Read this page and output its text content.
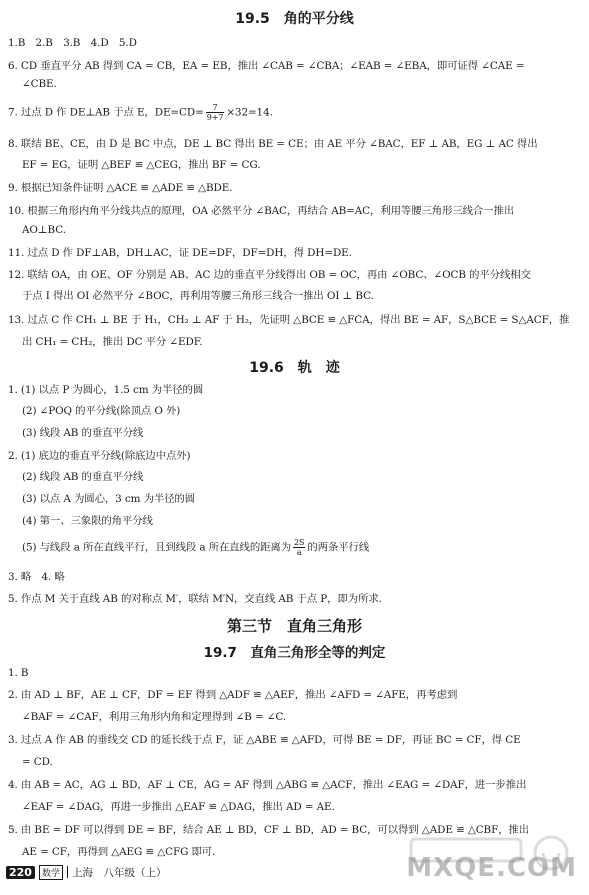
19.5　角的平分线
1.B　2.B　3.B　4.D　5.D
6. CD 垂直平分 AB 得到 CA = CB，EA = EB，推出 ∠CAB = ∠CBA；∠EAB = ∠EBA，即可证得 ∠CAE =
∠CBE.
7. 过点 D 作 DE⊥AB 于点 E，$DE=CD= \frac{7}{9+7} \times 32=14$.
8. 联结 BE、CE，由 D 是 BC 中点，DE ⊥ BC 得出 BE = CE；由 AE 平分 ∠BAC，EF ⊥ AB，EG ⊥ AC 得出
EF = EG，证明 △BEF ≌ △CEG，推出 BF = CG.
9. 根据已知条件证明 △ACE ≌ △ADE ≌ △BDE.
10. 根据三角形内角平分线共点的原理，OA 必然平分 ∠BAC，再结合 AB=AC，利用等腰三角形三线合一推出
AO⊥BC.
11. 过点 D 作 DF⊥AB，DH⊥AC，证 DE=DF，DF=DH，得 DH=DE.
12. 联结 OA，由 OE、OF 分别是 AB、AC 边的垂直平分线得出 OB = OC，再由 ∠OBC、∠OCB 的平分线相交
于点 I 得出 OI 必然平分 ∠BOC，再利用等腰三角形三线合一推出 OI ⊥ BC.
13. 过点 C 作 CH₁ ⊥ BE 于 H₁，CH₂ ⊥ AF 于 H₂，先证明 △BCE ≌ △FCA，得出 BE = AF，S△BCE = S△ACF，推
出 CH₁ = CH₂，推出 DC 平分 ∠EDF.
19.6　轨　迹
1. (1) 以点 P 为圆心，1.5 cm 为半径的圆
(2) ∠POQ 的平分线(除顶点 O 外)
(3) 线段 AB 的垂直平分线
2. (1) 底边的垂直平分线(除底边中点外)
(2) 线段 AB 的垂直平分线
(3) 以点 A 为圆心，3 cm 为半径的圆
(4) 第一、三象限的角平分线
(5) 与线段 a 所在直线平行，且到线段 a 所在直线的距离为 $\frac{2S}{a}$ 的两条平行线
3. 略　4. 略
5. 作点 M 关于直线 AB 的对称点 M′，联结 M′N，交直线 AB 于点 P，即为所求.
第三节　直角三角形
19.7　直角三角形全等的判定
1. B
2. 由 AD ⊥ BF，AE ⊥ CF，DF = EF 得到 △ADF ≌ △AEF，推出 ∠AFD = ∠AFE，再考虑到
∠BAF = ∠CAF，利用三角形内角和定理得到 ∠B = ∠C.
3. 过点 A 作 AB 的垂线交 CD 的延长线于点 F，证 △ABE ≌ △AFD，可得 BE = DF，再证 BC = CF，得 CE
= CD.
4. 由 AB = AC，AG ⊥ BD，AF ⊥ CE，AG = AF 得到 △ABG ≌ △ACF，推出 ∠EAG = ∠DAF，进一步推出
∠EAF = ∠DAG，再进一步推出 △EAF ≌ △DAG，推出 AD = AE.
5. 由 BE = DF 可以得到 DE = BF，结合 AE ⊥ BD，CF ⊥ BD，AD = BC，可以得到 △ADE ≌ △CBF，推出
AE = CF，再得到 △AEG ≌ △CFG 即可.
220	数学 上海　八年级（上）	MXQE.COM
